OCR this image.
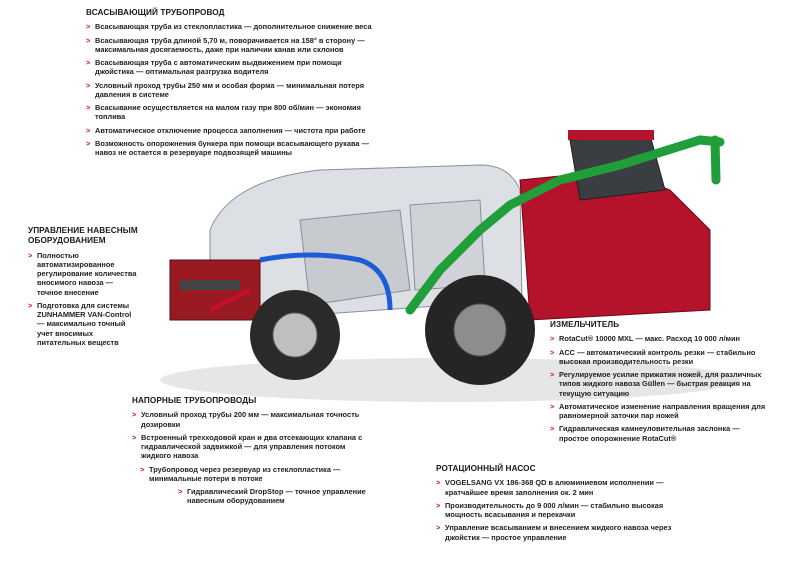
ВСАСЫВАЮЩИЙ ТРУБОПРОВОД
> Всасывающая труба из стеклопластика — дополнительное снижение веса
> Всасывающая труба длиной 5,70 м, поворачивается на 158° в сторону — максимальная досягаемость, даже при наличии канав или склонов
> Всасывающая труба с автоматическим выдвижением при помощи джойстика — оптимальная разгрузка водителя
> Условный проход трубы 250 мм и особая форма — минимальная потеря давления в системе
> Всасывание осуществляется на малом газу при 800 об/мин — экономия топлива
> Автоматическое отключение процесса заполнения — чистота при работе
> Возможность опорожнения бункера при помощи всасывающего рукава — навоз не остается в резервуаре подвозящей машины
УПРАВЛЕНИЕ НАВЕСНЫМ ОБОРУДОВАНИЕМ
> Полностью автоматизированное регулирование количества вносимого навоза — точное внесение
> Подготовка для системы ZUNHAMMER VAN-Control — максимально точный учет вносимых питательных веществ
ИЗМЕЛЬЧИТЕЛЬ
> RotaCut® 10000 MXL — макс. Расход 10 000 л/мин
> ACC — автоматический контроль резки — стабильно высокая производительность резки
> Регулируемое усилие прижатия ножей, для различных типов жидкого навоза Güllen — быстрая реакция на текущую ситуацию
> Автоматическое изменение направления вращения для равномерной заточки пар ножей
> Гидравлическая камнеуловительная заслонка — простое опорожнение RotaCut®
НАПОРНЫЕ ТРУБОПРОВОДЫ
> Условный проход трубы 200 мм — максимальная точность дозировки
> Встроенный трехходовой кран и два отсекающих клапана с гидравлической задвижкой — для управления потоком жидкого навоза
> Трубопровод через резервуар из стеклопластика — минимальные потери в потоке
> Гидравлический DropStop — точное управление навесным оборудованием
РОТАЦИОННЫЙ НАСОС
> VOGELSANG VX 186-368 QD в алюминиевом исполнении — кратчайшее время заполнения ок. 2 мин
> Производительность до 9 000 л/мин — стабильно высокая мощность всасывания и перекачки
> Управление всасыванием и внесением жидкого навоза через джойстик — простое управление
